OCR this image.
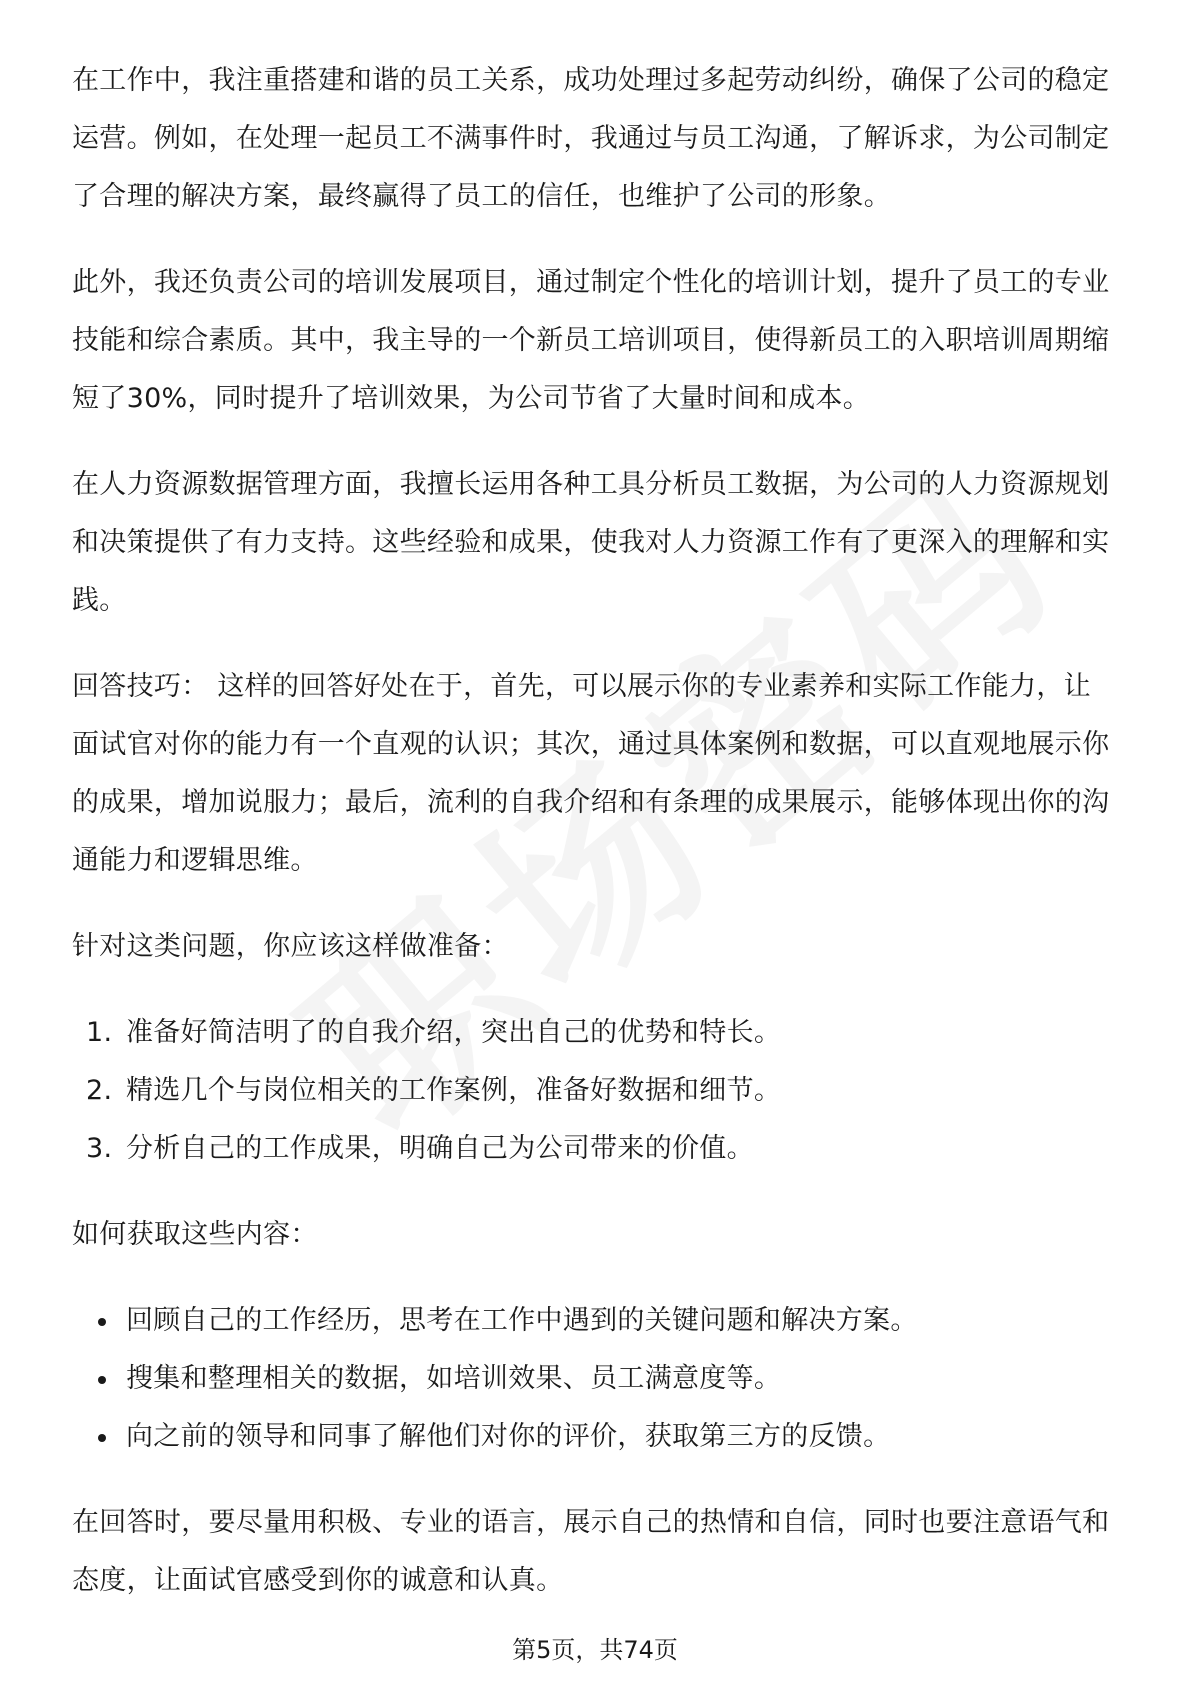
在工作中，我注重搭建和谐的员工关系，成功处理过多起劳动纠纷，确保了公司的稳定运营。例如，在处理一起员工不满事件时，我通过与员工沟通，了解诉求，为公司制定了合理的解决方案，最终赢得了员工的信任，也维护了公司的形象。

此外，我还负责公司的培训发展项目，通过制定个性化的培训计划，提升了员工的专业技能和综合素质。其中，我主导的一个新员工培训项目，使得新员工的入职培训周期缩短了30%，同时提升了培训效果，为公司节省了大量时间和成本。

在人力资源数据管理方面，我擅长运用各种工具分析员工数据，为公司的人力资源规划和决策提供了有力支持。这些经验和成果，使我对人力资源工作有了更深入的理解和实践。

回答技巧： 这样的回答好处在于，首先，可以展示你的专业素养和实际工作能力，让面试官对你的能力有一个直观的认识；其次，通过具体案例和数据，可以直观地展示你的成果，增加说服力；最后，流利的自我介绍和有条理的成果展示，能够体现出你的沟通能力和逻辑思维。

针对这类问题，你应该这样做准备：

1. 准备好简洁明了的自我介绍，突出自己的优势和特长。
2. 精选几个与岗位相关的工作案例，准备好数据和细节。
3. 分析自己的工作成果，明确自己为公司带来的价值。

如何获取这些内容：

回顾自己的工作经历，思考在工作中遇到的关键问题和解决方案。
搜集和整理相关的数据，如培训效果、员工满意度等。
向之前的领导和同事了解他们对你的评价，获取第三方的反馈。

在回答时，要尽量用积极、专业的语言，展示自己的热情和自信，同时也要注意语气和态度，让面试官感受到你的诚意和认真。

第5页，共74页
